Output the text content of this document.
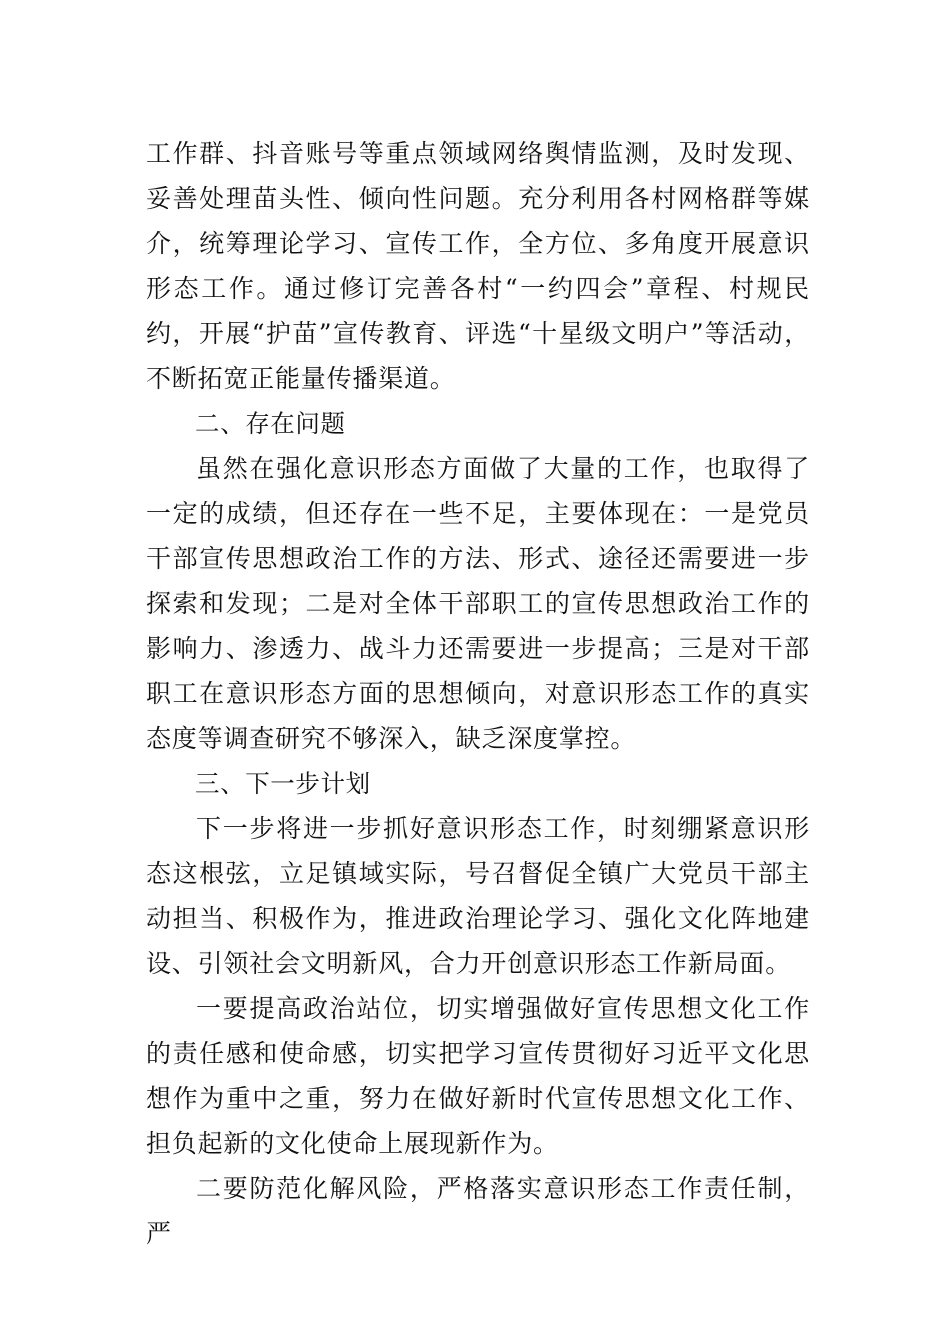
工作群、抖音账号等重点领域网络舆情监测，及时发现、妥善处理苗头性、倾向性问题。充分利用各村网格群等媒介，统筹理论学习、宣传工作，全方位、多角度开展意识形态工作。通过修订完善各村“一约四会”章程、村规民约，开展“护苗”宣传教育、评选“十星级文明户”等活动，不断拓宽正能量传播渠道。

二、存在问题

虽然在强化意识形态方面做了大量的工作，也取得了一定的成绩，但还存在一些不足，主要体现在：一是党员干部宣传思想政治工作的方法、形式、途径还需要进一步探索和发现；二是对全体干部职工的宣传思想政治工作的影响力、渗透力、战斗力还需要进一步提高；三是对干部职工在意识形态方面的思想倾向，对意识形态工作的真实态度等调查研究不够深入，缺乏深度掌控。

三、下一步计划

下一步将进一步抓好意识形态工作，时刻绷紧意识形态这根弦，立足镇域实际，号召督促全镇广大党员干部主动担当、积极作为，推进政治理论学习、强化文化阵地建设、引领社会文明新风，合力开创意识形态工作新局面。

一要提高政治站位，切实增强做好宣传思想文化工作的责任感和使命感，切实把学习宣传贯彻好习近平文化思想作为重中之重，努力在做好新时代宣传思想文化工作、担负起新的文化使命上展现新作为。

二要防范化解风险，严格落实意识形态工作责任制，严
